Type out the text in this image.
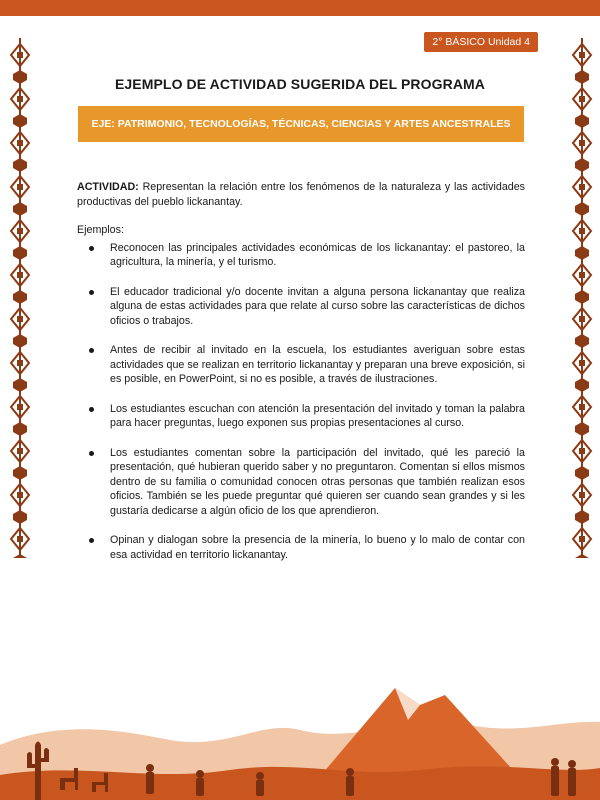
2° BÁSICO Unidad 4
EJEMPLO DE ACTIVIDAD SUGERIDA DEL PROGRAMA
EJE: PATRIMONIO, TECNOLOGÍAS, TÉCNICAS, CIENCIAS Y ARTES ANCESTRALES

ACTIVIDAD: Representan la relación entre los fenómenos de la naturaleza y las actividades productivas del pueblo lickanantay.

Ejemplos:

Reconocen las principales actividades económicas de los lickanantay: el pastoreo, la agricultura, la minería, y el turismo.
El educador tradicional y/o docente invitan a alguna persona lickanantay que realiza alguna de estas actividades para que relate al curso sobre las características de dichos oficios o trabajos.
Antes de recibir al invitado en la escuela, los estudiantes averiguan sobre estas actividades que se realizan en territorio lickanantay y preparan una breve exposición, si es posible, en PowerPoint, si no es posible, a través de ilustraciones.
Los estudiantes escuchan con atención la presentación del invitado y toman la palabra para hacer preguntas, luego exponen sus propias presentaciones al curso.
Los estudiantes comentan sobre la participación del invitado, qué les pareció la presentación, qué hubieran querido saber y no preguntaron. Comentan si ellos mismos dentro de su familia o comunidad conocen otras personas que también realizan esos oficios. También se les puede preguntar qué quieren ser cuando sean grandes y si les gustaría dedicarse a algún oficio de los que aprendieron.
Opinan y dialogan sobre la presencia de la minería, lo bueno y lo malo de contar con esa actividad en territorio lickanantay.
